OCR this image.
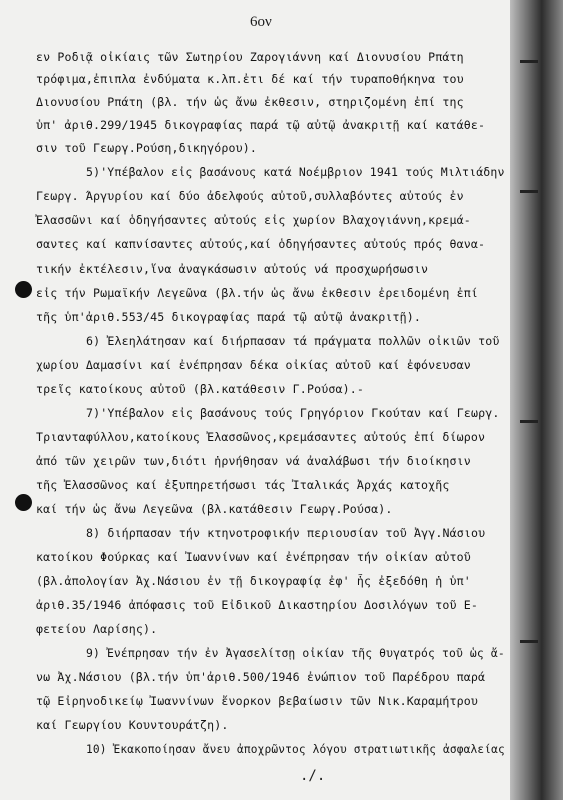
6ον
εν Ροδιᾷ οἰκίαις τῶν Σωτηρίου Ζαρογιάννη καί Διονυσίου Ρπάτη
τρόφιμα,ἐπιπλα ἐνδύματα κ.λπ.ἐτι δέ καί τήν τυραποθήκηνα του
Διονυσίου Ρπάτη (βλ. τήν ὡς ἄνω ἐκθεσιν, στηριζομένη ἐπί της
ὑπ' ἀριθ.299/1945 δικογραφίας παρά τῷ αὐτῷ ἀνακριτῇ καί κατάθε-
σιν τοῦ Γεωργ.Ρούση,δικηγόρου).
5)'Υπέβαλον εἰς βασάνους κατά Νοέμβριον 1941 τούς Μιλτιάδην
Γεωργ. Άργυρίου καί δύο ἀδελφούς αὐτοῦ,συλλαβόντες αὐτούς ἐν
Ἐλασσῶνι καί ὁδηγήσαντες αὐτούς εἰς χωρίον Βλαχογιάννη,κρεμά-
σαντες καί καπνίσαντες αὐτούς,καί ὁδηγήσαντες αὐτούς πρός θανα-
τικήν ἐκτέλεσιν,ἵνα ἀναγκάσωσιν αὐτούς νά προσχωρήσωσιν
εἰς τήν Ρωμαϊκήν Λεγεῶνα (βλ.τήν ὡς ἄνω ἐκθεσιν ἐρειδομένη ἐπί
τῆς ὑπ'ἀριθ.553/45 δικογραφίας παρά τῷ αὐτῷ ἀνακριτῇ).
6) Ἐλεηλάτησαν καί διήρπασαν τά πράγματα πολλῶν οἰκιῶν τοῦ
χωρίου Δαμασίνι καί ἐνέπρησαν δέκα οἰκίας αὐτοῦ καί ἐφόνευσαν
τρεῖς κατοίκους αὐτοῦ (βλ.κατάθεσιν Γ.Ρούσα).-
7)'Υπέβαλον εἰς βασάνους τούς Γρηγόριον Γκούταν καί Γεωργ.
Τριανταφύλλου,κατοίκους Ἐλασσῶνος,κρεμάσαντες αὐτούς ἐπί δίωρον
ἀπό τῶν χειρῶν των,διότι ἠρνήθησαν νά ἀναλάβωσι τήν διοίκησιν
τῆς Ἐλασσῶνος καί ἐξυπηρετήσωσι τάς Ἰταλικάς Ἀρχάς κατοχῆς
καί τήν ὡς ἄνω Λεγεῶνα (βλ.κατάθεσιν Γεωργ.Ρούσα).
8) διήρπασαν τήν κτηνοτροφικήν περιουσίαν τοῦ Ἀγγ.Νάσιου
κατοίκου Φούρκας καί Ἰωαννίνων καί ἐνέπρησαν τήν οἰκίαν αὐτοῦ
(βλ.ἀπολογίαν Ἀχ.Νάσιου ἐν τῇ δικογραφίᾳ ἐφ' ἧς ἐξεδόθη ἡ ὑπ'
ἀριθ.35/1946 ἀπόφασις τοῦ Εἰδικοῦ Δικαστηρίου Δοσιλόγων τοῦ Ε-
φετείου Λαρίσης).
9) Ἐνέπρησαν τήν ἐν Ἀγασελίτσῃ οἰκίαν τῆς θυγατρός τοῦ ὡς ἄ-
νω Ἀχ.Νάσιου (βλ.τήν ὑπ'ἀριθ.500/1946 ἐνώπιον τοῦ Παρέδρου παρά
τῷ Εἰρηνοδικείῳ Ἰωαννίνων ἔνορκον βεβαίωσιν τῶν Νικ.Καραμήτρου
καί Γεωργίου Κουντουράτζη).
10) Ἐκακοποίησαν ἄνευ ἀποχρῶντος λόγου στρατιωτικῆς ἀσφαλείας
./.
